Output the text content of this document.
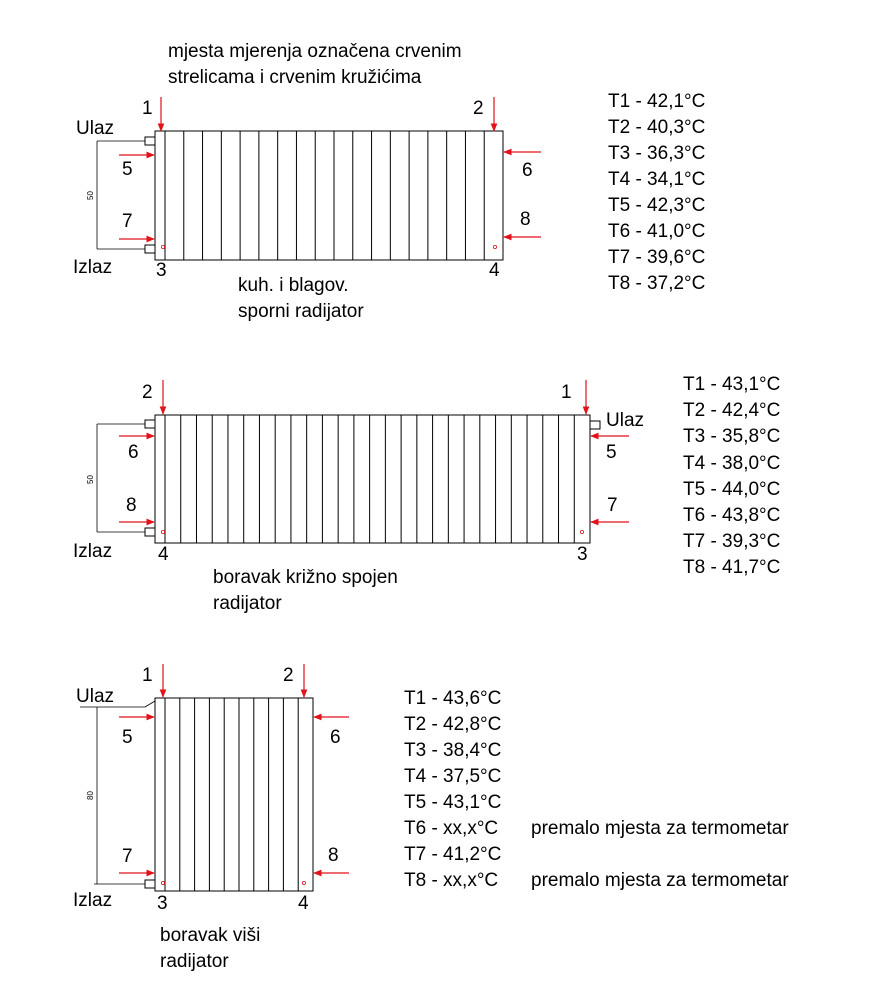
mjesta mjerenja označena crvenim
strelicama i crvenim kružićima
50
Ulaz
Izlaz
1	2
3	4
5	6
7	8
kuh. i blagov.
sporni radijator
T1 - 42,1°C
T2 - 40,3°C
T3 - 36,3°C
T4 - 34,1°C
T5 - 42,3°C
T6 - 41,0°C
T7 - 39,6°C
T8 - 37,2°C
50
Ulaz
Izlaz
2	1
6	5
8	7
4	3
boravak križno spojen
radijator
T1 - 43,1°C
T2 - 42,4°C
T3 - 35,8°C
T4 - 38,0°C
T5 - 44,0°C
T6 - 43,8°C
T7 - 39,3°C
T8 - 41,7°C
80
Ulaz
Izlaz
1	2
5	6
7	8
3	4
boravak viši
radijator
T1 - 43,6°C
T2 - 42,8°C
T3 - 38,4°C
T4 - 37,5°C
T5 - 43,1°C
T6 - xx,x°C premalo mjesta za termometar
T7 - 41,2°C
T8 - xx,x°C premalo mjesta za termometar
